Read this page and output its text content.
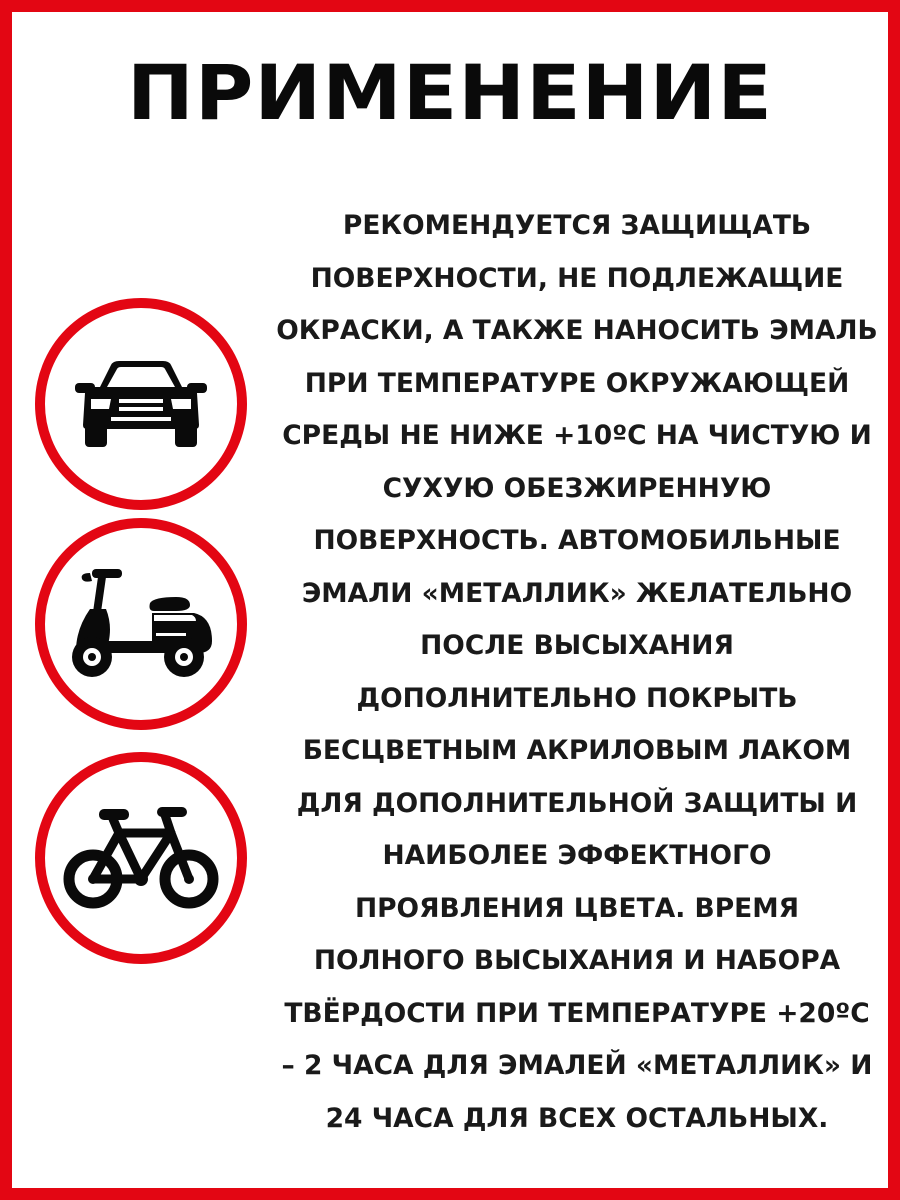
ПРИМЕНЕНИЕ
РЕКОМЕНДУЕТСЯ ЗАЩИЩАТЬ
ПОВЕРХНОСТИ, НЕ ПОДЛЕЖАЩИЕ
ОКРАСКИ, А ТАКЖЕ НАНОСИТЬ ЭМАЛЬ
ПРИ ТЕМПЕРАТУРЕ ОКРУЖАЮЩЕЙ
СРЕДЫ НЕ НИЖЕ +10ºС НА ЧИСТУЮ И
СУХУЮ ОБЕЗЖИРЕННУЮ
ПОВЕРХНОСТЬ. АВТОМОБИЛЬНЫЕ
ЭМАЛИ «МЕТАЛЛИК» ЖЕЛАТЕЛЬНО
ПОСЛЕ ВЫСЫХАНИЯ
ДОПОЛНИТЕЛЬНО ПОКРЫТЬ
БЕСЦВЕТНЫМ АКРИЛОВЫМ ЛАКОМ
ДЛЯ ДОПОЛНИТЕЛЬНОЙ ЗАЩИТЫ И
НАИБОЛЕЕ ЭФФЕКТНОГО
ПРОЯВЛЕНИЯ ЦВЕТА. ВРЕМЯ
ПОЛНОГО ВЫСЫХАНИЯ И НАБОРА
ТВЁРДОСТИ ПРИ ТЕМПЕРАТУРЕ +20ºС
– 2 ЧАСА ДЛЯ ЭМАЛЕЙ «МЕТАЛЛИК» И
24 ЧАСА ДЛЯ ВСЕХ ОСТАЛЬНЫХ.
